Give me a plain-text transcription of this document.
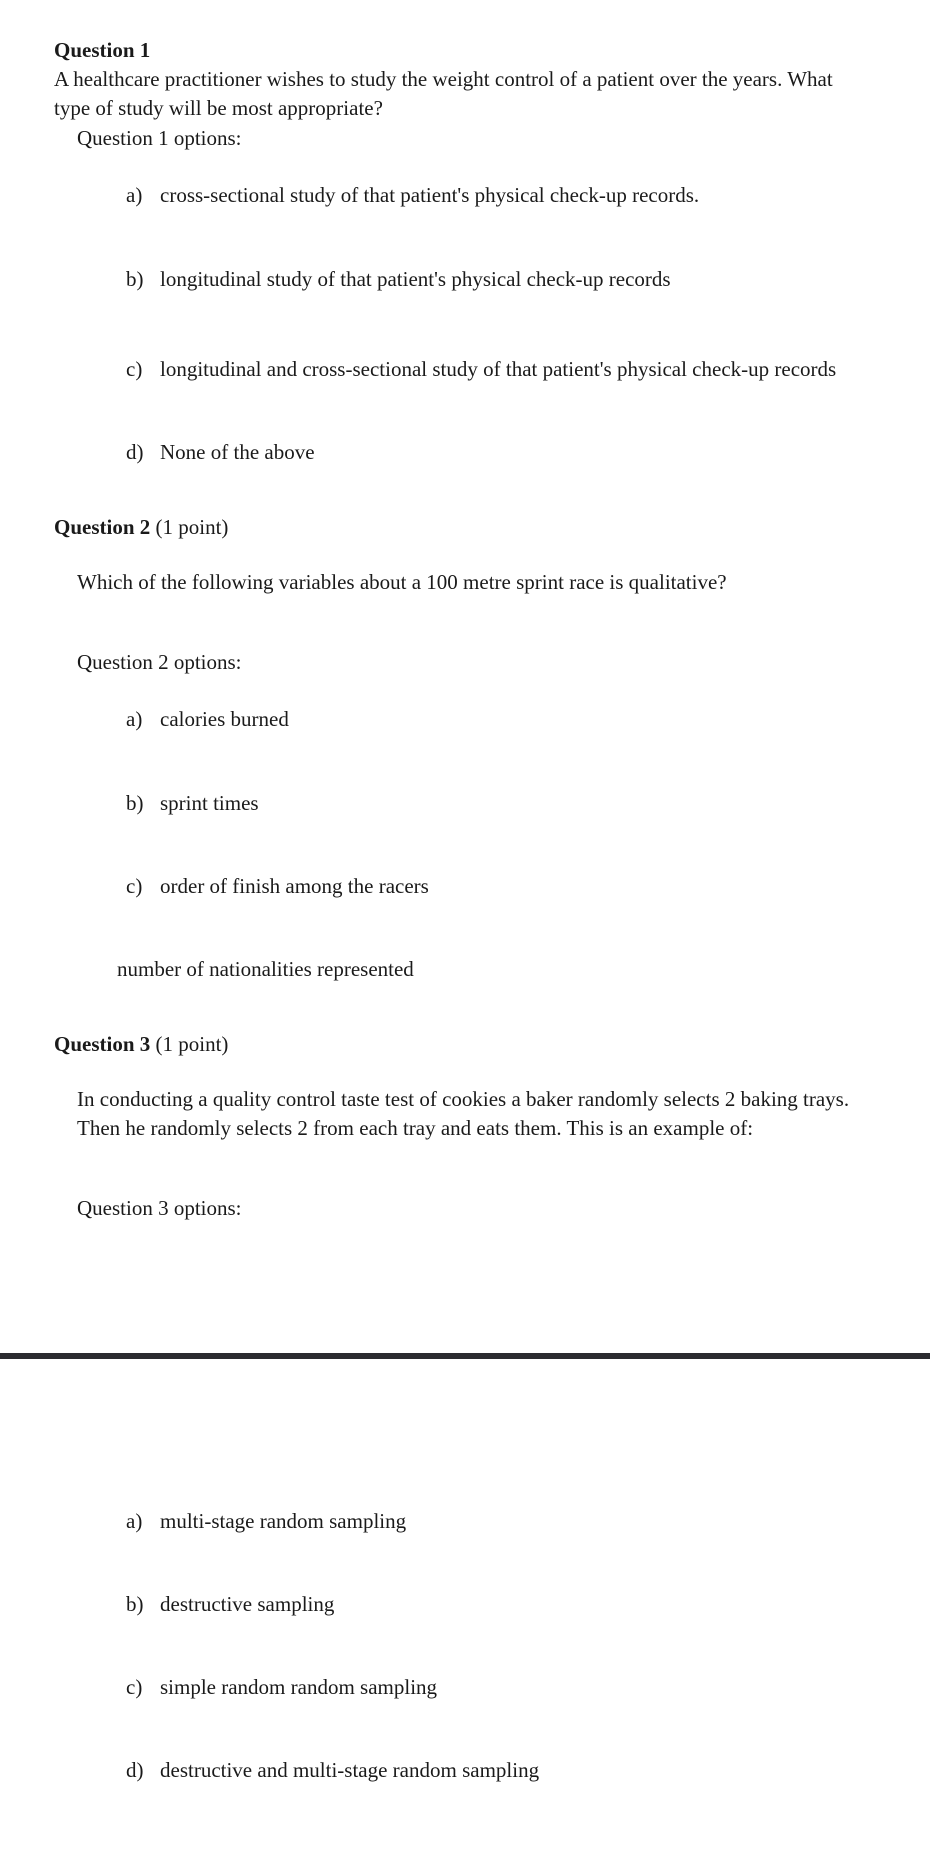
Question 1
A healthcare practitioner wishes to study the weight control of a patient over the years. What
type of study will be most appropriate?
Question 1 options:
a) cross-sectional study of that patient's physical check-up records.
b) longitudinal study of that patient's physical check-up records
c) longitudinal and cross-sectional study of that patient's physical check-up records
d) None of the above
Question 2 (1 point)
Which of the following variables about a 100 metre sprint race is qualitative?
Question 2 options:
a) calories burned
b) sprint times
c) order of finish among the racers
number of nationalities represented
Question 3 (1 point)
In conducting a quality control taste test of cookies a baker randomly selects 2 baking trays.
Then he randomly selects 2 from each tray and eats them. This is an example of:
Question 3 options:
a) multi-stage random sampling
b) destructive sampling
c) simple random random sampling
d) destructive and multi-stage random sampling
